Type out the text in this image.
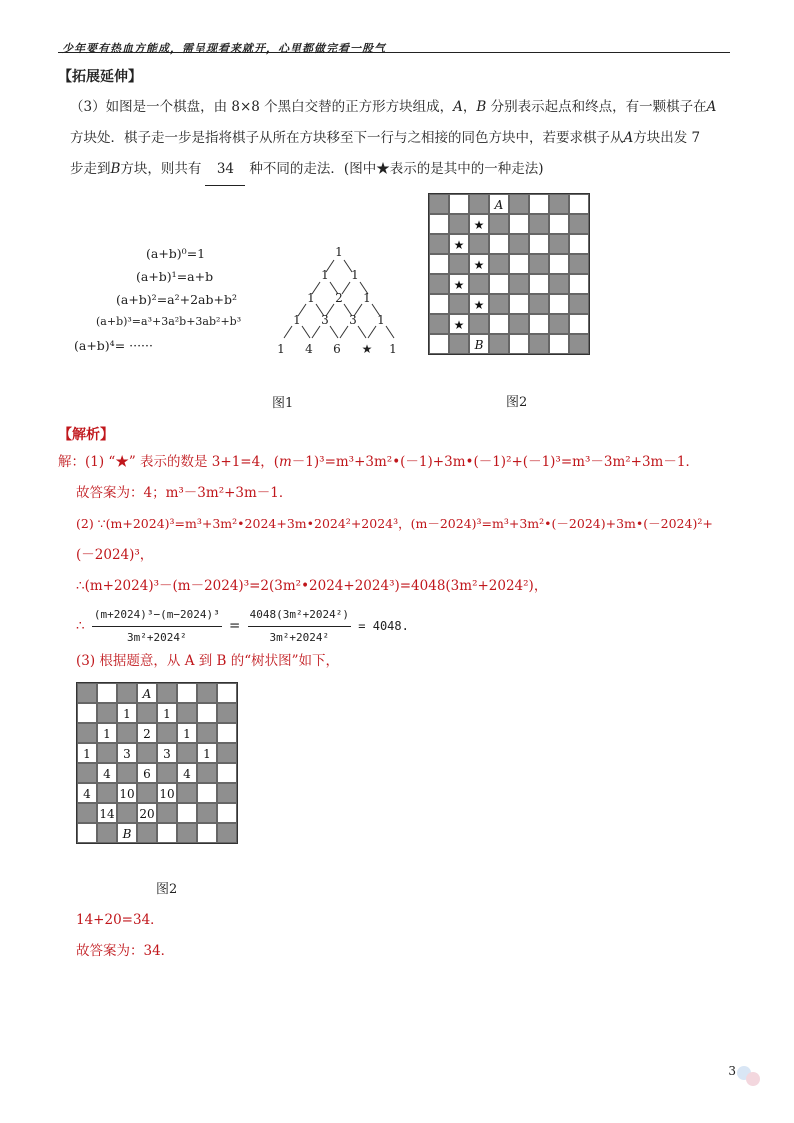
少年要有热血方能成，需呈现看来就开，心里都做完看一股气
【拓展延伸】
（3）如图是一个棋盘，由 8×8 个黑白交替的正方形方块组成，A，B 分别表示起点和终点，有一颗棋子在A
方块处．棋子走一步是指将棋子从所在方块移至下一行与之相接的同色方块中，若要求棋子从A方块出发 7
步走到B方块，则共有 34 种不同的走法．(图中★表示的是其中的一种走法)
(a+b)⁰=1
(a+b)¹=a+b
(a+b)²=a²+2ab+b²
(a+b)³=a³+3a²b+3ab²+b³
(a+b)⁴= ······
1
1 1
1 2 1
1 3 3 1
1 4 6 ★ 1
图1
A
★
★
★
★
★
★
B
图2
【解析】
解：(1) “★” 表示的数是 3+1=4，(m－1)³=m³+3m²•(－1)+3m•(－1)²+(－1)³=m³－3m²+3m－1．
故答案为：4；m³－3m²+3m－1．
(2) ∵(m+2024)³=m³+3m²•2024+3m•2024²+2024³，(m－2024)³=m³+3m²•(－2024)+3m•(－2024)²+
(－2024)³，
∴(m+2024)³－(m－2024)³=2(3m²•2024+2024³)=4048(3m²+2024²)，
∴ $\frac{\text{(m+2024)³−(m−2024)³}}{\text{3m²+2024²}} = \frac{\text{4048(3m²+2024²)}}{\text{3m²+2024²}} = 4048$.
(3) 根据题意，从 A 到 B 的“树状图”如下，
A
1	1
1	2	1
1	3	3	1
4	6	4
4	10 10
14 20
B
图2
14+20=34．
故答案为：34．
3
